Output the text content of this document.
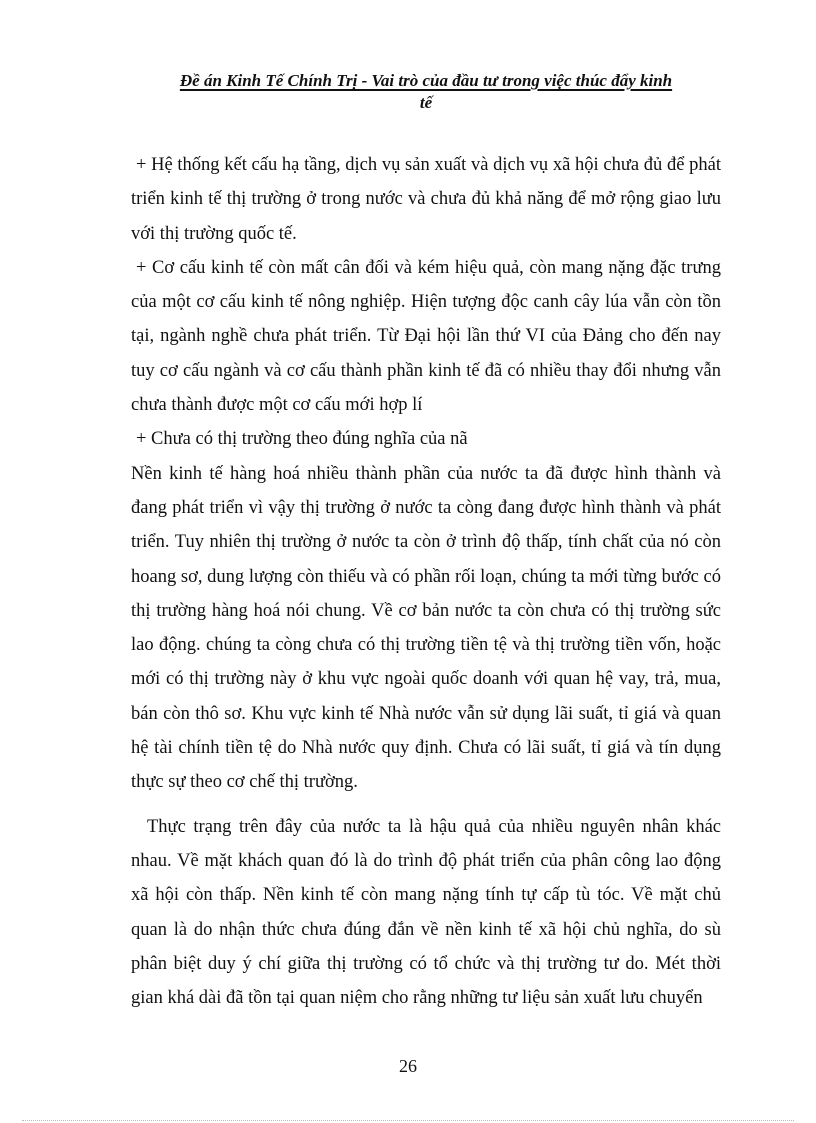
Đề án Kinh Tế Chính Trị - Vai trò của đầu tư trong việc thúc đẩy kinh
tế

+ Hệ thống kết cấu hạ tầng, dịch vụ sản xuất và dịch vụ xã hội chưa đủ để phát triển kinh tế thị trường ở trong nước và chưa đủ khả năng để mở rộng giao lưu với thị trường quốc tế.

+ Cơ cấu kinh tế còn mất cân đối và kém hiệu quả, còn mang nặng đặc trưng của một cơ cấu kinh tế nông nghiệp. Hiện tượng độc canh cây lúa vẫn còn tồn tại, ngành nghề chưa phát triển. Từ Đại hội lần thứ VI của Đảng cho đến nay tuy cơ cấu ngành và cơ cấu thành phần kinh tế đã có nhiều thay đổi nhưng vẫn chưa thành được một cơ cấu mới hợp lí

+ Chưa có thị trường theo đúng nghĩa của nã

Nền kinh tế hàng hoá nhiều thành phần của nước ta đã được hình thành và đang phát triển vì vậy thị trường ở nước ta còng đang được hình thành và phát triển. Tuy nhiên thị trường ở nước ta còn ở trình độ thấp, tính chất của nó còn hoang sơ, dung lượng còn thiếu và có phần rối loạn, chúng ta mới từng bước có thị trường hàng hoá nói chung. Về cơ bản nước ta còn chưa có thị trường sức lao động. chúng ta còng chưa có thị trường tiền tệ và thị trường tiền vốn, hoặc mới có thị trường này ở khu vực ngoài quốc doanh với quan hệ vay, trả, mua, bán còn thô sơ. Khu vực kinh tế Nhà nước vẫn sử dụng lãi suất, tỉ giá và quan hệ tài chính tiền tệ do Nhà nước quy định. Chưa có lãi suất, tỉ giá và tín dụng thực sự theo cơ chế thị trường.

Thực trạng trên đây của nước ta là hậu quả của nhiều nguyên nhân khác nhau. Về mặt khách quan đó là do trình độ phát triển của phân công lao động xã hội còn thấp. Nền kinh tế còn mang nặng tính tự cấp tù tóc. Về mặt chủ quan là do nhận thức chưa đúng đắn về nền kinh tế xã hội chủ nghĩa, do sù phân biệt duy ý chí giữa thị trường có tổ chức và thị trường tư do. Mét thời gian khá dài đã tồn tại quan niệm cho rằng những tư liệu sản xuất lưu chuyển

26
